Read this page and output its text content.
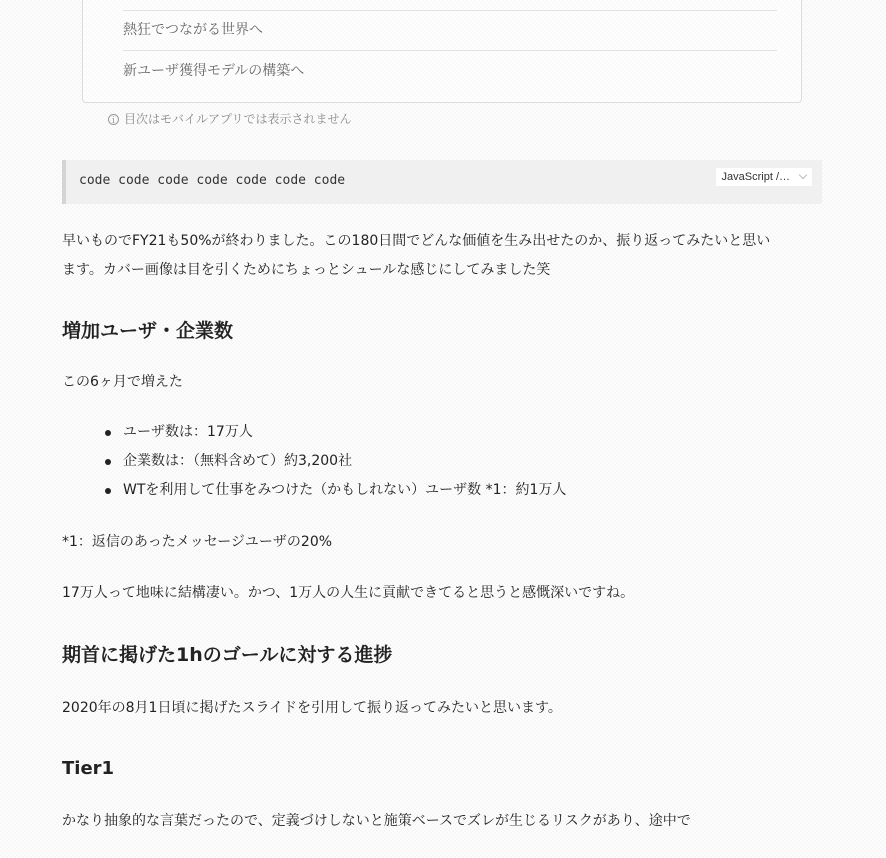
熱狂でつながる世界へ
新ユーザ獲得モデルの構築へ
i
目次はモバイルアプリでは表示されません
code code code code code code code	JavaScript /…
早いものでFY21も50%が終わりました。この180日間でどんな価値を生み出せたのか、振り返ってみたいと思い
ます。カバー画像は目を引くためにちょっとシュールな感じにしてみました笑
増加ユーザ・企業数
この6ヶ月で増えた
ユーザ数は：17万人
企業数は：（無料含めて）約3,200社
WTを利用して仕事をみつけた（かもしれない）ユーザ数 *1：約1万人
*1：返信のあったメッセージユーザの20%
17万人って地味に結構凄い。かつ、1万人の人生に貢献できてると思うと感慨深いですね。
期首に掲げた1hのゴールに対する進捗
2020年の8月1日頃に掲げたスライドを引用して振り返ってみたいと思います。
Tier1
かなり抽象的な言葉だったので、定義づけしないと施策ベースでズレが生じるリスクがあり、途中で
